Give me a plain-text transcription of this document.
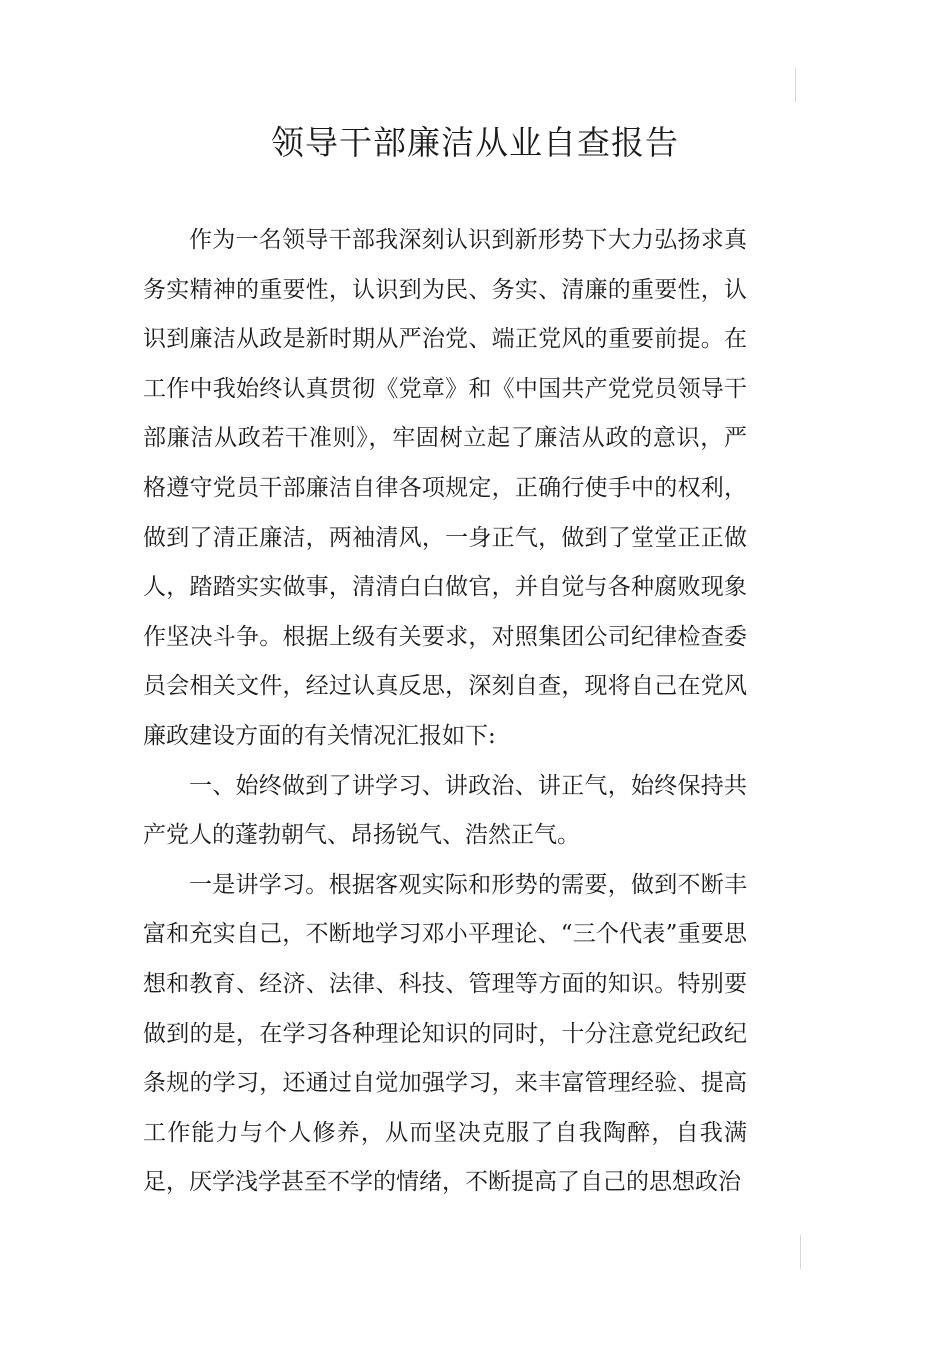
领导干部廉洁从业自查报告

作为一名领导干部我深刻认识到新形势下大力弘扬求真务实精神的重要性，认识到为民、务实、清廉的重要性，认识到廉洁从政是新时期从严治党、端正党风的重要前提。在工作中我始终认真贯彻《党章》和《中国共产党党员领导干部廉洁从政若干准则》，牢固树立起了廉洁从政的意识，严格遵守党员干部廉洁自律各项规定，正确行使手中的权利，做到了清正廉洁，两袖清风，一身正气，做到了堂堂正正做人，踏踏实实做事，清清白白做官，并自觉与各种腐败现象作坚决斗争。根据上级有关要求，对照集团公司纪律检查委员会相关文件，经过认真反思，深刻自查，现将自己在党风廉政建设方面的有关情况汇报如下:

一、始终做到了讲学习、讲政治、讲正气，始终保持共产党人的蓬勃朝气、昂扬锐气、浩然正气。

一是讲学习。根据客观实际和形势的需要，做到不断丰富和充实自己，不断地学习邓小平理论、“三个代表”重要思想和教育、经济、法律、科技、管理等方面的知识。特别要做到的是，在学习各种理论知识的同时，十分注意党纪政纪条规的学习，还通过自觉加强学习，来丰富管理经验、提高工作能力与个人修养，从而坚决克服了自我陶醉，自我满足，厌学浅学甚至不学的情绪，不断提高了自己的思想政治
